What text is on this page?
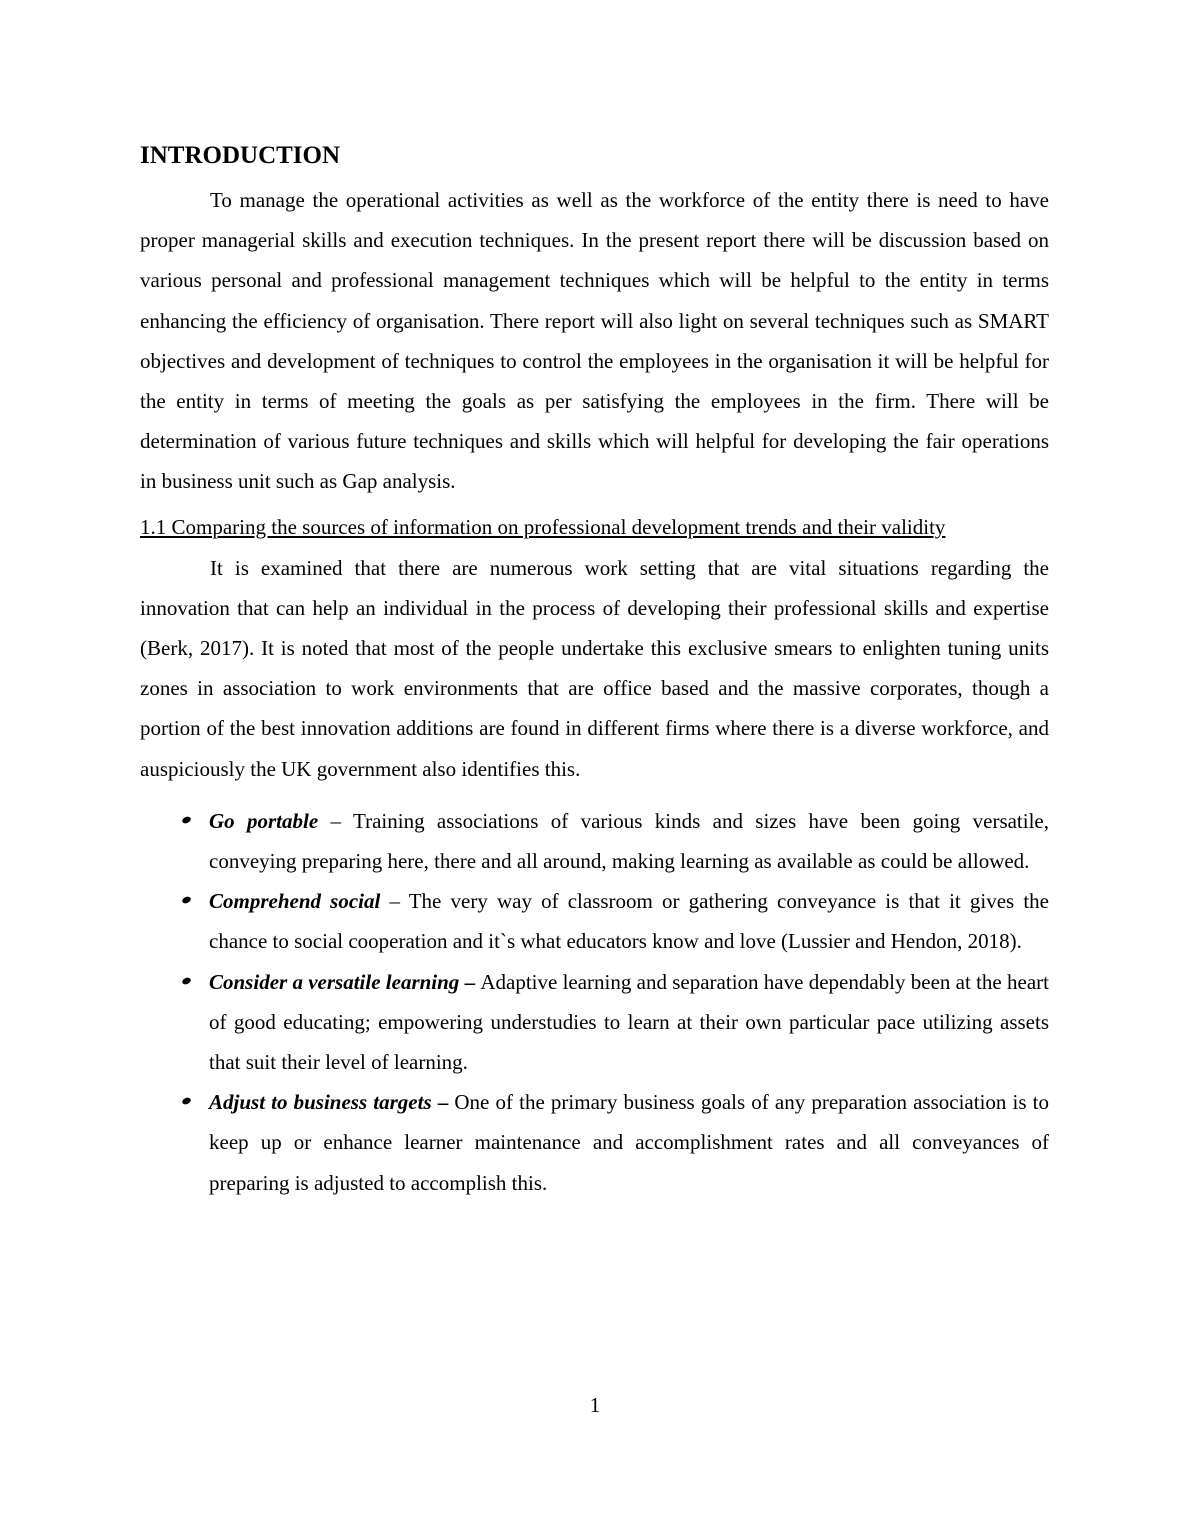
INTRODUCTION

To manage the operational activities as well as the workforce of the entity there is need to have proper managerial skills and execution techniques. In the present report there will be discussion based on various personal and professional management techniques which will be helpful to the entity in terms enhancing the efficiency of organisation. There report will also light on several techniques such as SMART objectives and development of techniques to control the employees in the organisation it will be helpful for the entity in terms of meeting the goals as per satisfying the employees in the firm. There will be determination of various future techniques and skills which will helpful for developing the fair operations in business unit such as Gap analysis.

1.1 Comparing the sources of information on professional development trends and their validity

It is examined that there are numerous work setting that are vital situations regarding the innovation that can help an individual in the process of developing their professional skills and expertise (Berk, 2017). It is noted that most of the people undertake this exclusive smears to enlighten tuning units zones in association to work environments that are office based and the massive corporates, though a portion of the best innovation additions are found in different firms where there is a diverse workforce, and auspiciously the UK government also identifies this.

Go portable – Training associations of various kinds and sizes have been going versatile, conveying preparing here, there and all around, making learning as available as could be allowed.
Comprehend social – The very way of classroom or gathering conveyance is that it gives the chance to social cooperation and it`s what educators know and love (Lussier and Hendon, 2018).
Consider a versatile learning – Adaptive learning and separation have dependably been at the heart of good educating; empowering understudies to learn at their own particular pace utilizing assets that suit their level of learning.
Adjust to business targets – One of the primary business goals of any preparation association is to keep up or enhance learner maintenance and accomplishment rates and all conveyances of preparing is adjusted to accomplish this.
1
